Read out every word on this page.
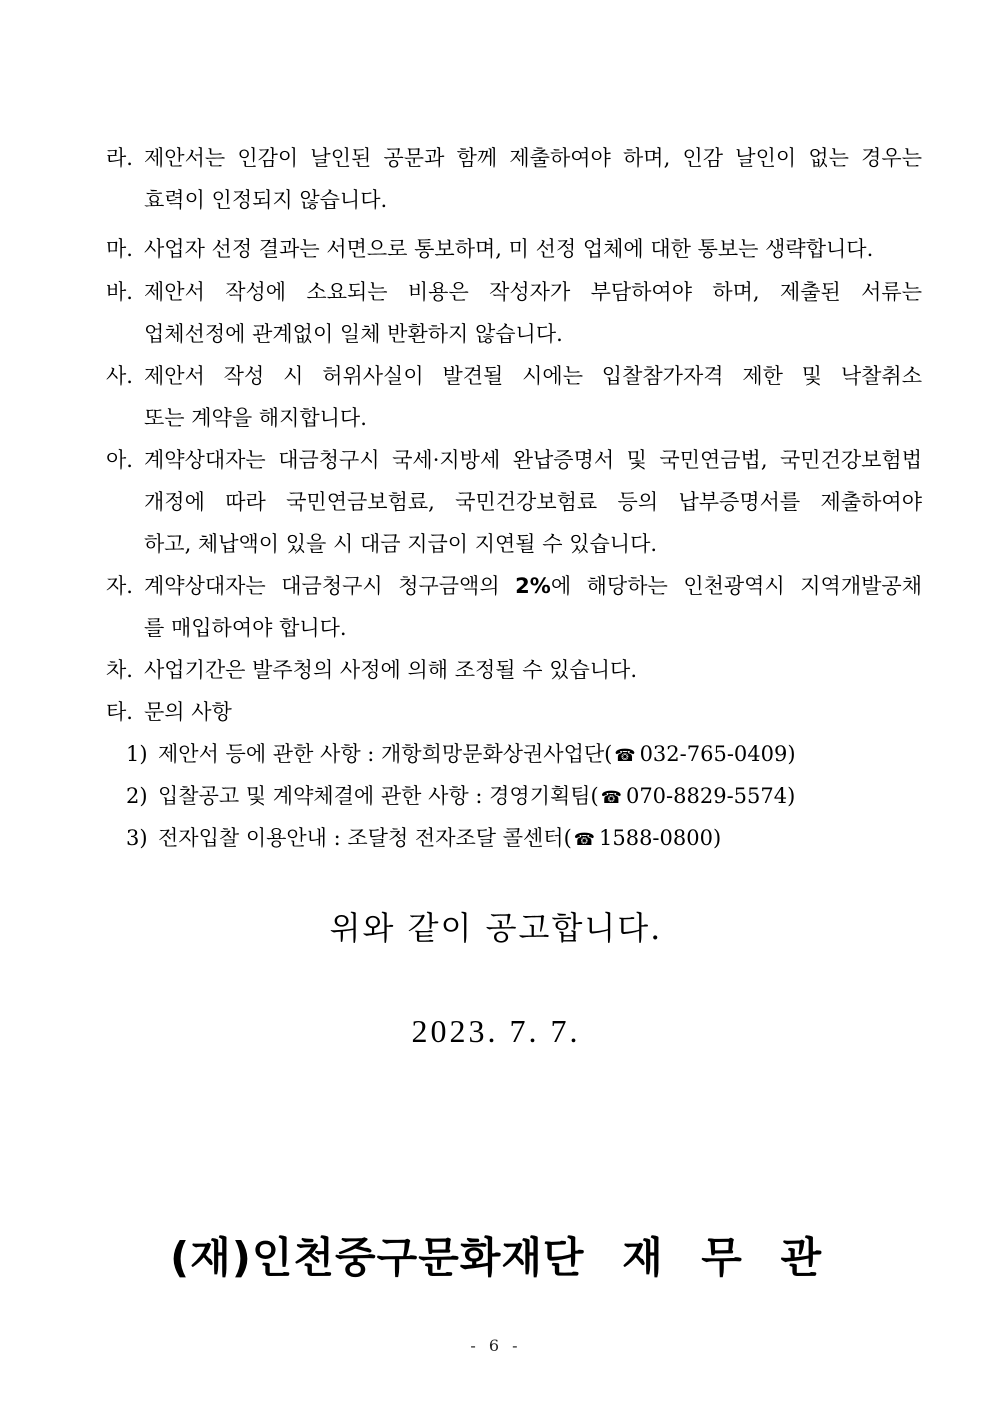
라. 제안서는 인감이 날인된 공문과 함께 제출하여야 하며, 인감 날인이 없는 경우는
효력이 인정되지 않습니다.
마. 사업자 선정 결과는 서면으로 통보하며, 미 선정 업체에 대한 통보는 생략합니다.
바. 제안서 작성에 소요되는 비용은 작성자가 부담하여야 하며, 제출된 서류는
업체선정에 관계없이 일체 반환하지 않습니다.
사. 제안서 작성 시 허위사실이 발견될 시에는 입찰참가자격 제한 및 낙찰취소
또는 계약을 해지합니다.
아. 계약상대자는 대금청구시 국세·지방세 완납증명서 및 국민연금법, 국민건강보험법
개정에 따라 국민연금보험료, 국민건강보험료 등의 납부증명서를 제출하여야
하고, 체납액이 있을 시 대금 지급이 지연될 수 있습니다.
자. 계약상대자는 대금청구시 청구금액의 2%에 해당하는 인천광역시 지역개발공채
를 매입하여야 합니다.
차. 사업기간은 발주청의 사정에 의해 조정될 수 있습니다.
타. 문의 사항
1) 제안서 등에 관한 사항 : 개항희망문화상권사업단( ☎ 032-765-0409)
2) 입찰공고 및 계약체결에 관한 사항 : 경영기획팀( ☎ 070-8829-5574)
3) 전자입찰 이용안내 : 조달청 전자조달 콜센터( ☎ 1588-0800)
위와 같이 공고합니다.
2023. 7. 7.
(재)인천중구문화재단 재 무 관
- 6 -
